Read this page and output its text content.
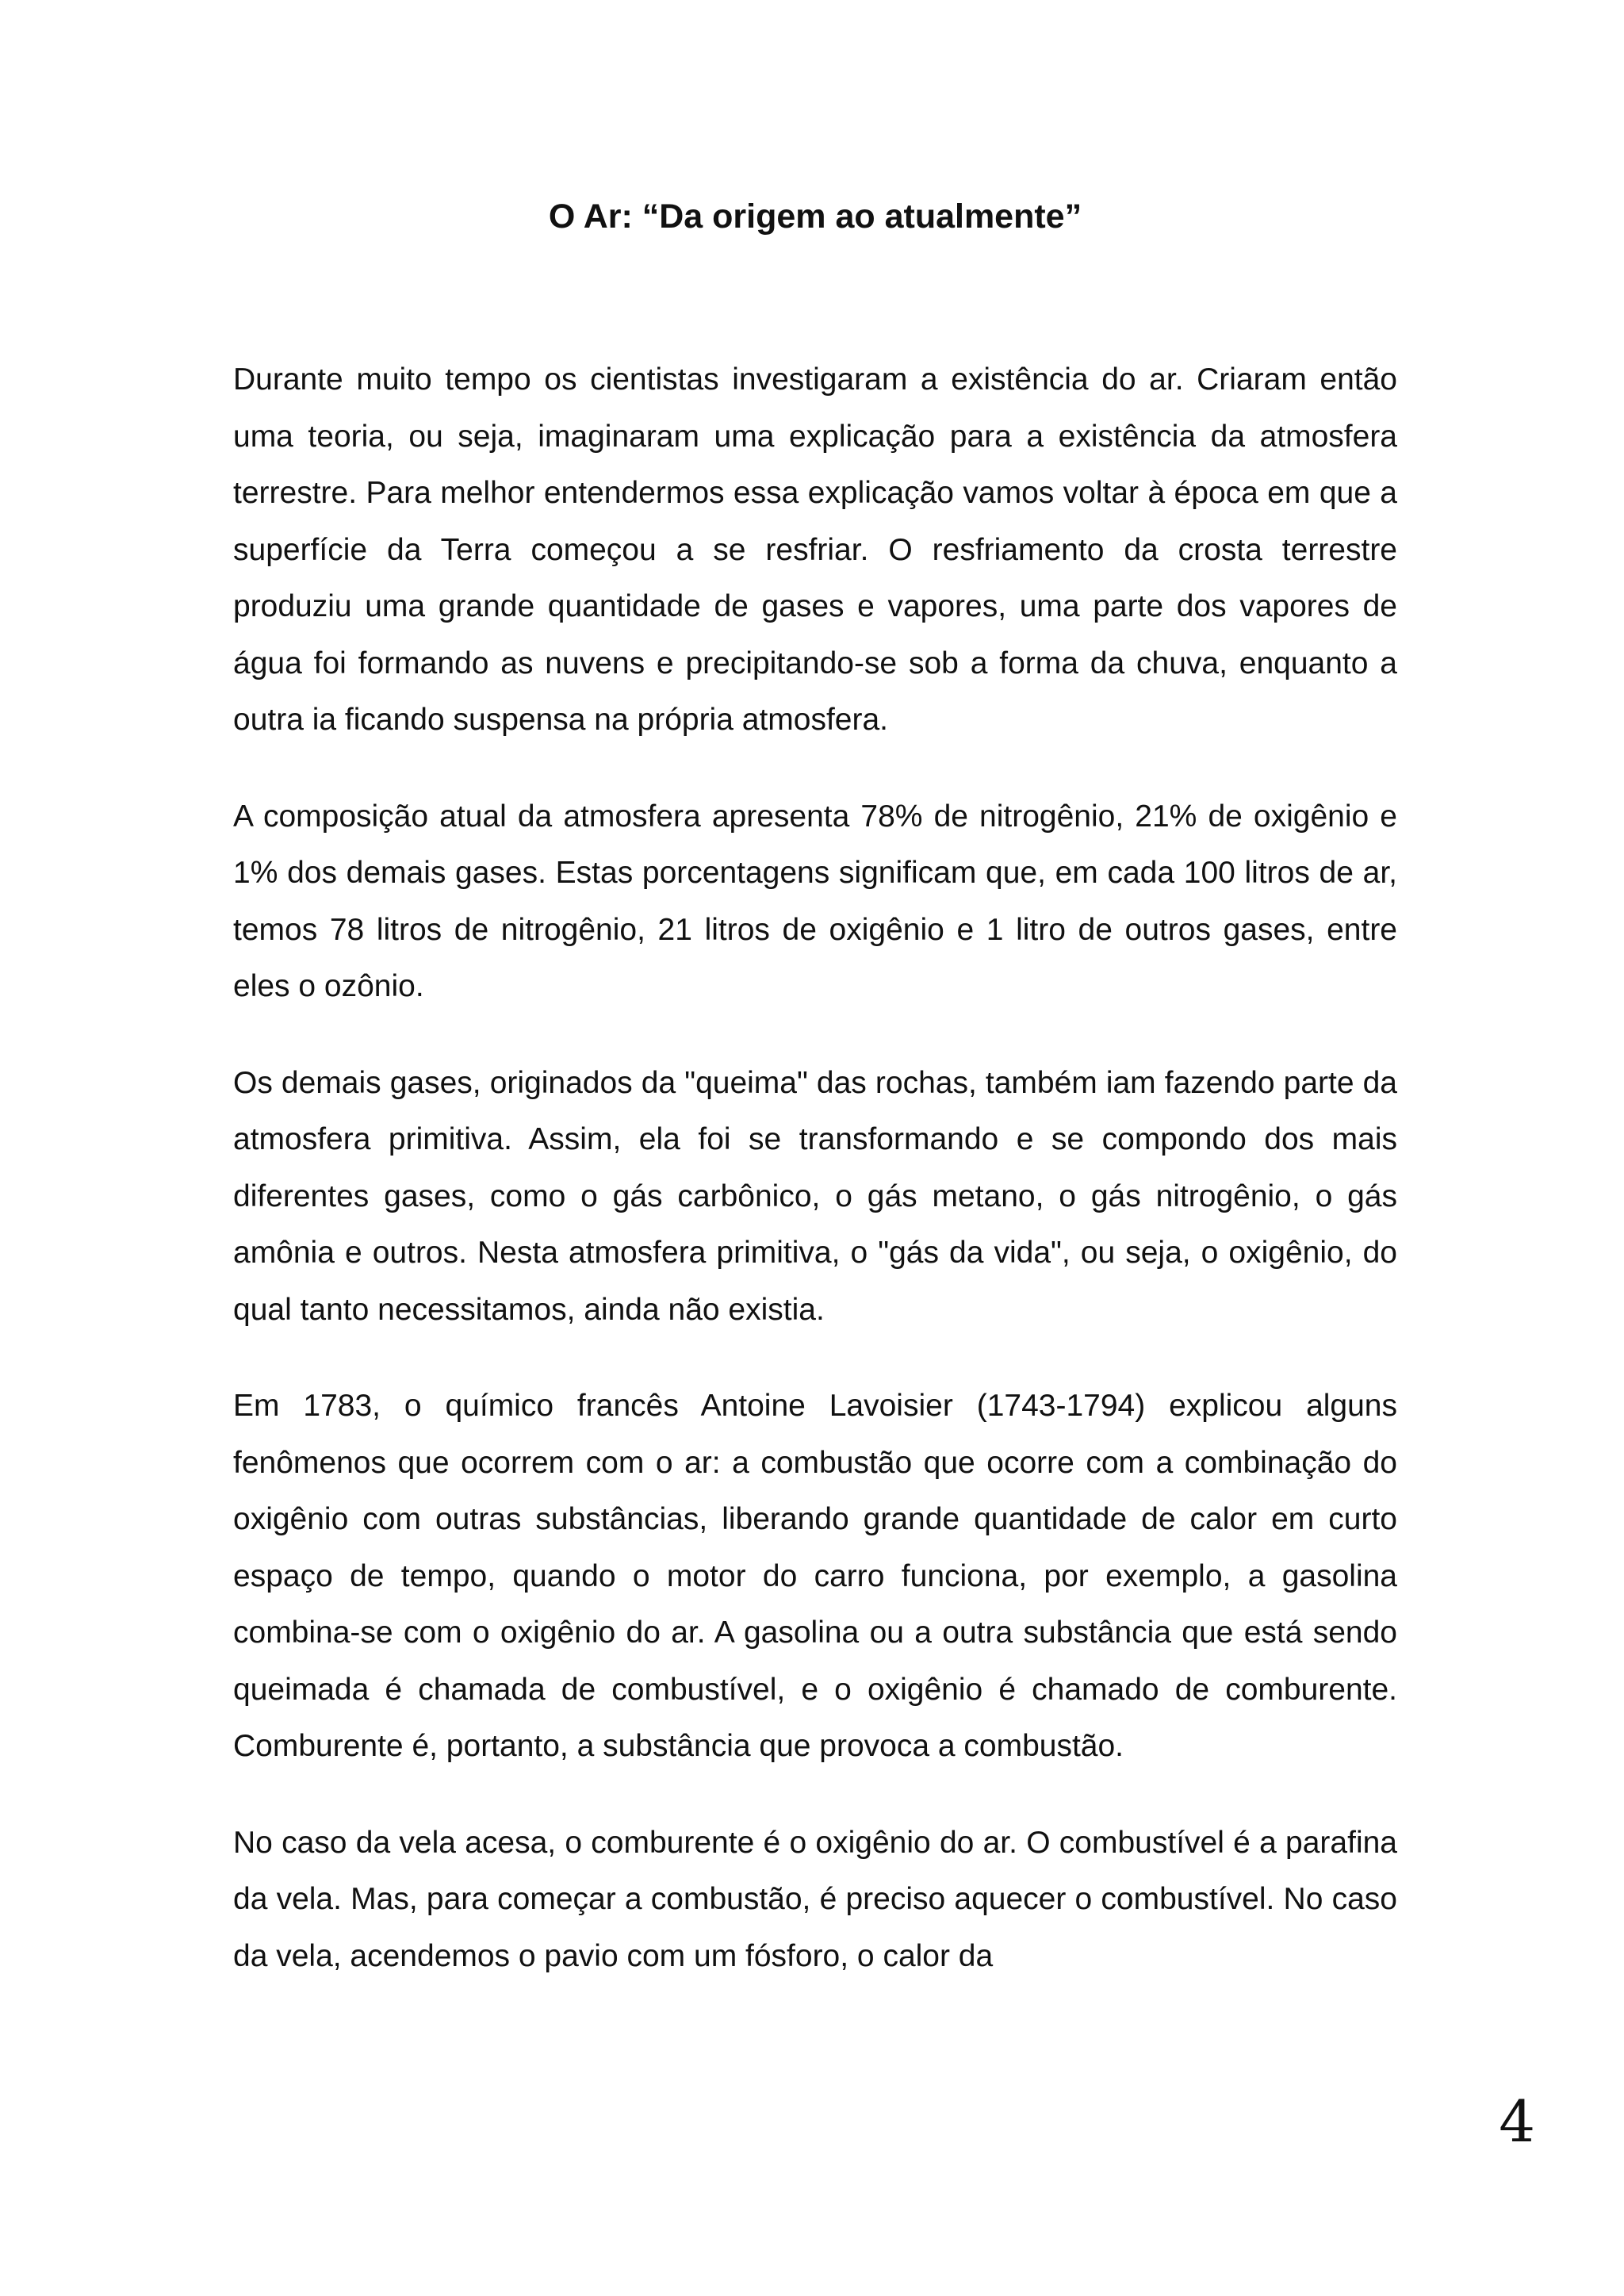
O Ar: “Da origem ao atualmente”

Durante muito tempo os cientistas investigaram a existência do ar. Criaram então uma teoria, ou seja, imaginaram uma explicação para a existência da atmosfera terrestre. Para melhor entendermos essa explicação vamos voltar à época em que a superfície da Terra começou a se resfriar. O resfriamento da crosta terrestre produziu uma grande quantidade de gases e vapores, uma parte dos vapores de água foi formando as nuvens e precipitando-se sob a forma da chuva, enquanto a outra ia ficando suspensa na própria atmosfera.

A composição atual da atmosfera apresenta 78% de nitrogênio, 21% de oxigênio e 1% dos demais gases. Estas porcentagens significam que, em cada 100 litros de ar, temos 78 litros de nitrogênio, 21 litros de oxigênio e 1 litro de outros gases, entre eles o ozônio.

Os demais gases, originados da "queima" das rochas, também iam fazendo parte da atmosfera primitiva. Assim, ela foi se transformando e se compondo dos mais diferentes gases, como o gás carbônico, o gás metano, o gás nitrogênio, o gás amônia e outros. Nesta atmosfera primitiva, o "gás da vida", ou seja, o oxigênio, do qual tanto necessitamos, ainda não existia.

Em 1783, o químico francês Antoine Lavoisier (1743-1794) explicou alguns fenômenos que ocorrem com o ar: a combustão que ocorre com a combinação do oxigênio com outras substâncias, liberando grande quantidade de calor em curto espaço de tempo, quando o motor do carro funciona, por exemplo, a gasolina combina-se com o oxigênio do ar. A gasolina ou a outra substância que está sendo queimada é chamada de combustível, e o oxigênio é chamado de comburente. Comburente é, portanto, a substância que provoca a combustão.

No caso da vela acesa, o comburente é o oxigênio do ar. O combustível é a parafina da vela. Mas, para começar a combustão, é preciso aquecer o combustível. No caso da vela, acendemos o pavio com um fósforo, o calor da

4
